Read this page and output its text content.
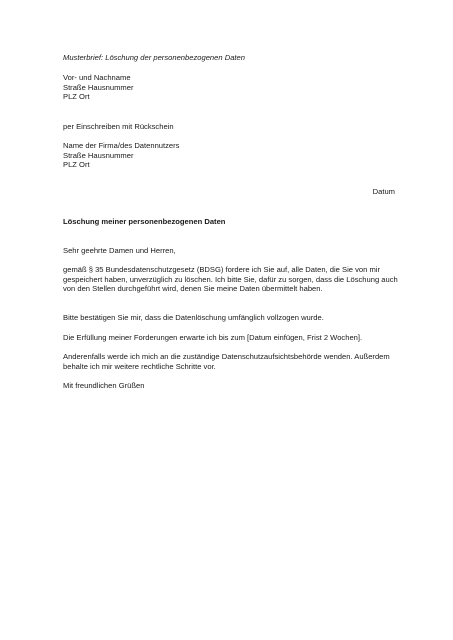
Musterbrief: Löschung der personenbezogenen Daten

Vor- und Nachname

Straße Hausnummer

PLZ Ort

per Einschreiben mit Rückschein

Name der Firma/des Datennutzers

Straße Hausnummer

PLZ Ort

Datum

Löschung meiner personenbezogenen Daten

Sehr geehrte Damen und Herren,

gemäß § 35 Bundesdatenschutzgesetz (BDSG) fordere ich Sie auf, alle Daten, die Sie von mir gespeichert haben, unverzüglich zu löschen. Ich bitte Sie, dafür zu sorgen, dass die Löschung auch von den Stellen durchgeführt wird, denen Sie meine Daten übermittelt haben.

Bitte bestätigen Sie mir, dass die Datenlöschung umfänglich vollzogen wurde.

Die Erfüllung meiner Forderungen erwarte ich bis zum [Datum einfügen, Frist 2 Wochen].

Anderenfalls werde ich mich an die zuständige Datenschutzaufsichtsbehörde wenden. Außerdem behalte ich mir weitere rechtliche Schritte vor.

Mit freundlichen Grüßen
